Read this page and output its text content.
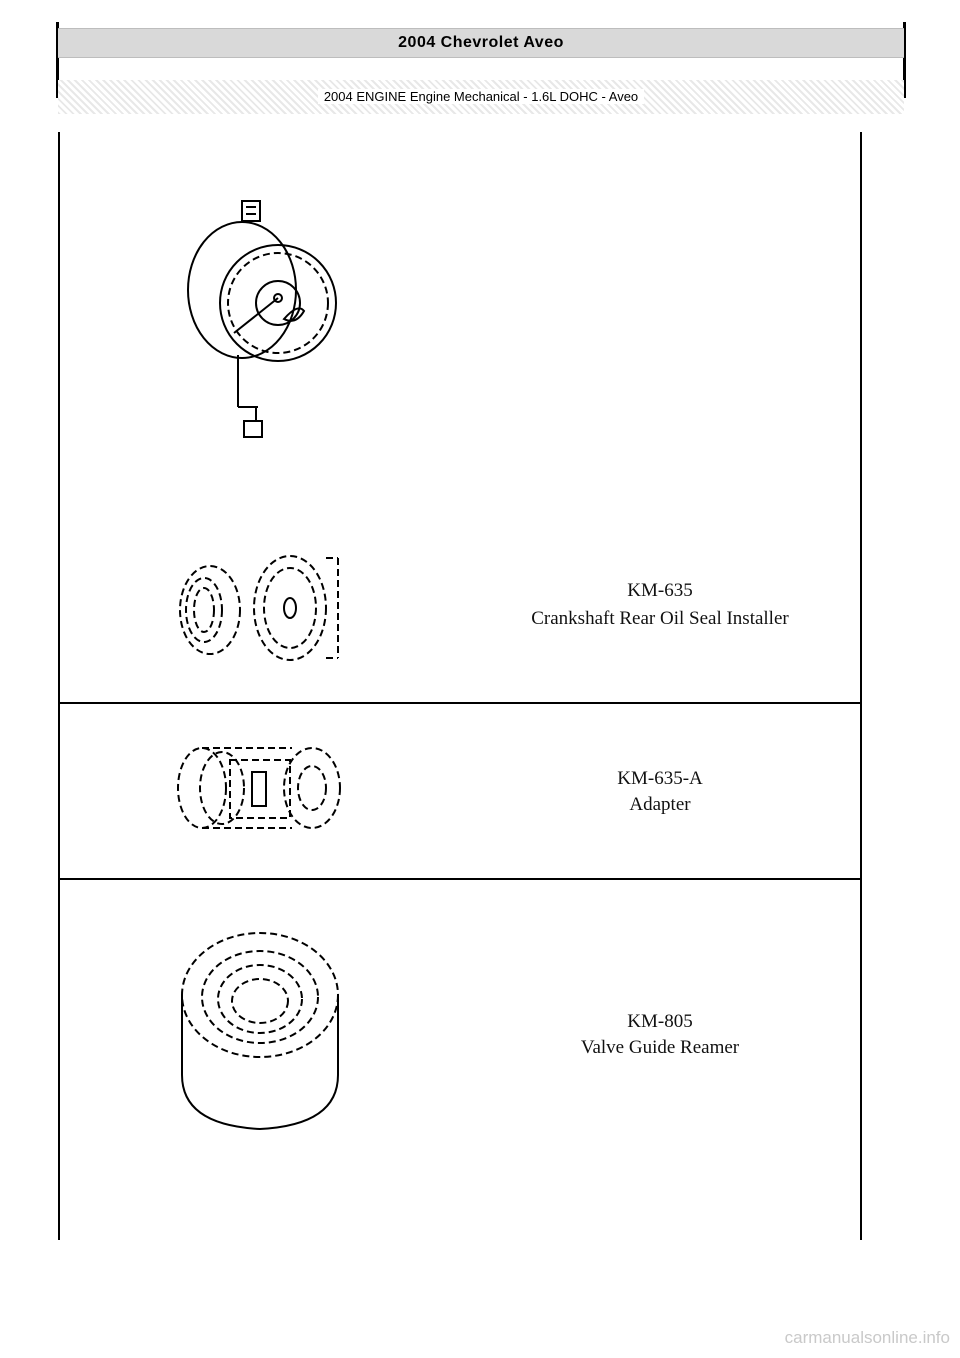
2004 Chevrolet Aveo
2004 ENGINE Engine Mechanical - 1.6L DOHC - Aveo
KM-635
Crankshaft Rear Oil Seal Installer
KM-635-A
Adapter
KM-805
Valve Guide Reamer
carmanualsonline.info
